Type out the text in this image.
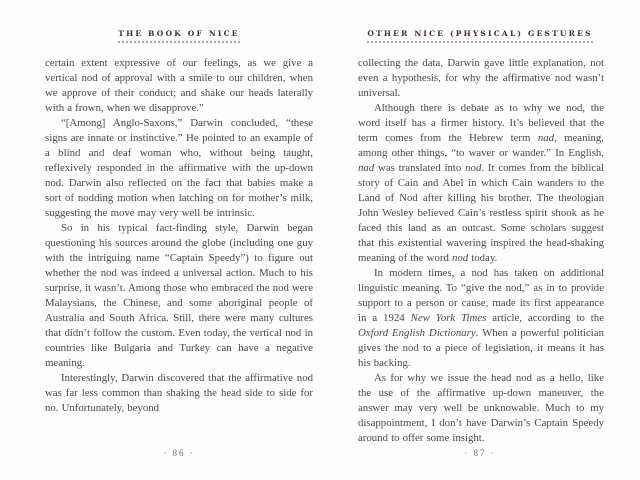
THE BOOK OF NICE	OTHER NICE (PHYSICAL) GESTURES

certain extent expressive of our feelings, as we give a vertical nod of approval with a smile to our children, when we approve of their conduct; and shake our heads laterally with a frown, when we disapprove.”

“[Among] Anglo-Saxons,” Darwin concluded, “these signs are innate or instinctive.” He pointed to an example of a blind and deaf woman who, without being taught, reflexively responded in the affirmative with the up-down nod. Darwin also reflected on the fact that babies make a sort of nodding motion when latching on for mother’s milk, suggesting the move may very well be intrinsic.

So in his typical fact-finding style, Darwin began questioning his sources around the globe (including one guy with the intriguing name “Captain Speedy”) to figure out whether the nod was indeed a universal action. Much to his surprise, it wasn’t. Among those who embraced the nod were Malaysians, the Chinese, and some aboriginal people of Australia and South Africa. Still, there were many cultures that didn’t follow the custom. Even today, the vertical nod in countries like Bulgaria and Turkey can have a negative meaning.

Interestingly, Darwin discovered that the affirmative nod was far less common than shaking the head side to side for no. Unfortunately, beyond

collecting the data, Darwin gave little explanation, not even a hypothesis, for why the affirmative nod wasn’t universal.

Although there is debate as to why we nod, the word itself has a firmer history. It’s believed that the term comes from the Hebrew term nad, meaning, among other things, “to waver or wander.” In English, nad was translated into nod. It comes from the biblical story of Cain and Abel in which Cain wanders to the Land of Nod after killing his brother. The theologian John Wesley believed Cain’s restless spirit shook as he faced this land as an outcast. Some scholars suggest that this existential wavering inspired the head-shaking meaning of the word nod today.

In modern times, a nod has taken on additional linguistic meaning. To “give the nod,” as in to provide support to a person or cause, made its first appearance in a 1924 New York Times article, according to the Oxford English Dictionary. When a powerful politician gives the nod to a piece of legislation, it means it has his backing.

As for why we issue the head nod as a hello, like the use of the affirmative up-down maneuver, the answer may very well be unknowable. Much to my disappointment, I don’t have Darwin’s Captain Speedy around to offer some insight.

· 86 ·	· 87 ·
